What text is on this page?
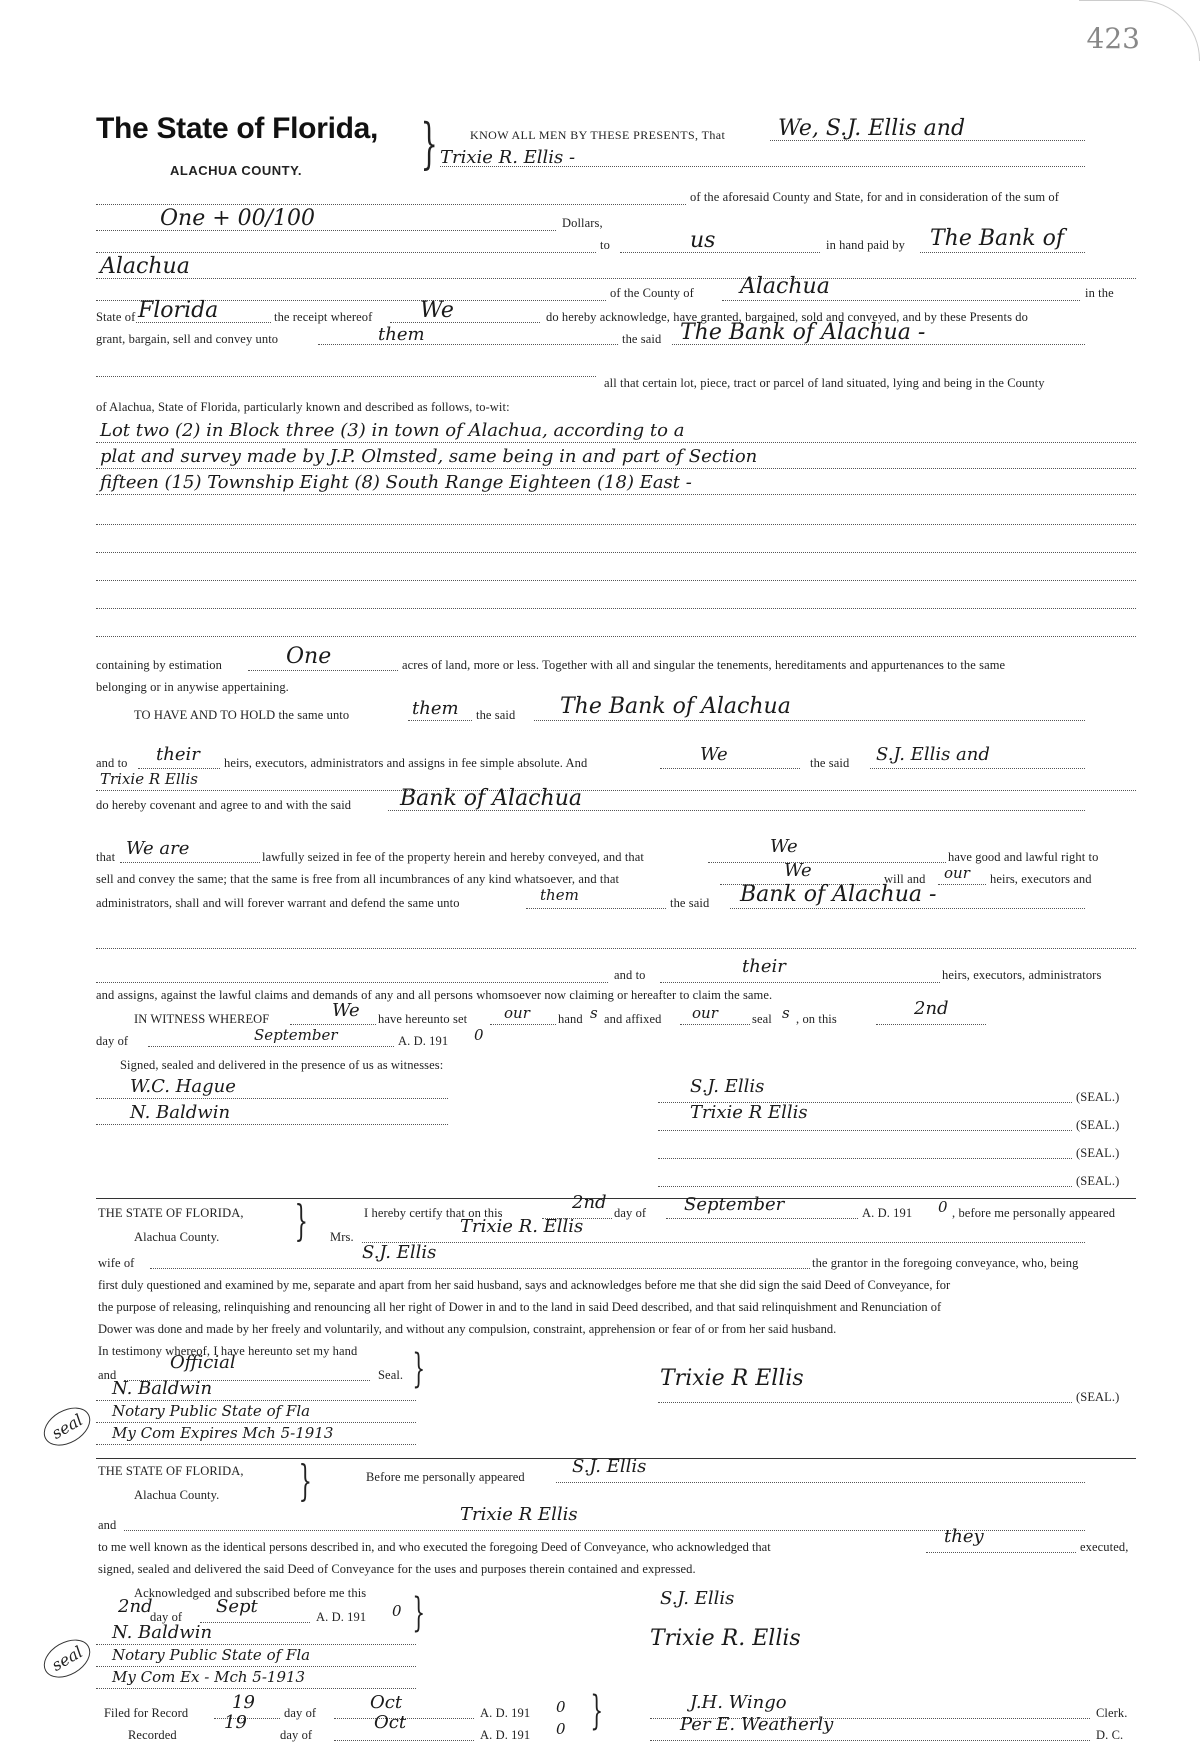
423
The State of Florida,
ALACHUA COUNTY. }	KNOW ALL MEN BY THESE PRESENTS, That We, S.J. Ellis and
Trixie R. Ellis -
of the aforesaid County and State, for and in consideration of the sum of
One + 00/100	Dollars,
to	us	in hand paid by The Bank of
Alachua
of the County of Alachua	in the
State of Florida	the receipt whereof We	do hereby acknowledge, have granted, bargained, sold and conveyed, and by these Presents do
grant, bargain, sell and convey unto	them	the said The Bank of Alachua -
all that certain lot, piece, tract or parcel of land situated, lying and being in the County
of Alachua, State of Florida, particularly known and described as follows, to-wit:
Lot two (2) in Block three (3) in town of Alachua, according to a
plat and survey made by J.P. Olmsted, same being in and part of Section
fifteen (15) Township Eight (8) South Range Eighteen (18) East -
containing by estimation	One	acres of land, more or less. Together with all and singular the tenements, hereditaments and appurtenances to the same
belonging or in anywise appertaining.
TO HAVE AND TO HOLD the same unto	them the said The Bank of Alachua
and to their heirs, executors, administrators and assigns in fee simple absolute. And	We	the said S.J. Ellis and
Trixie R Ellis
do hereby covenant and agree to and with the said Bank of Alachua
that We are	lawfully seized in fee of the property herein and hereby conveyed, and that	We	have good and lawful right to
sell and convey the same; that the same is free from all incumbrances of any kind whatsoever, and that	We	will and our heirs, executors and
administrators, shall and will forever warrant and defend the same unto	them	the said Bank of Alachua -
and to	their	heirs, executors, administrators
and assigns, against the lawful claims and demands of any and all persons whomsoever now claiming or hereafter to claim the same.
IN WITNESS WHEREOF	We have hereunto set our hand s and affixed our	seal s , on this	2nd
day of	September	A. D. 191 0
Signed, sealed and delivered in the presence of us as witnesses:
W.C. Hague
N. Baldwin
S.J. Ellis	(SEAL.)
Trixie R Ellis
(SEAL.)
(SEAL.)
(SEAL.)
THE STATE OF FLORIDA,
Alachua County. }	I hereby certify that on this	2nd day of September	A. D. 191 0 , before me personally appeared
Mrs.	Trixie R. Ellis
wife of	S.J. Ellis	the grantor in the foregoing conveyance, who, being
first duly questioned and examined by me, separate and apart from her said husband, says and acknowledges before me that she did sign the said Deed of Conveyance, for
the purpose of releasing, relinquishing and renouncing all her right of Dower in and to the land in said Deed described, and that said relinquishment and Renunciation of
Dower was done and made by her freely and voluntarily, and without any compulsion, constraint, apprehension or fear of or from her said husband.
In testimony whereof, I have hereunto set my hand
and
Official
Seal. }
N. Baldwin
Notary Public State of Fla
My Com Expires Mch 5-1913
seal
Trixie R Ellis
(SEAL.)
THE STATE OF FLORIDA,
Alachua County. }	Before me personally appeared	S.J. Ellis
and	Trixie R Ellis
to me well known as the identical persons described in, and who executed the foregoing Deed of Conveyance, who acknowledged that	they	executed,
signed, sealed and delivered the said Deed of Conveyance for the uses and purposes therein contained and expressed.
Acknowledged and subscribed before me this
2nd
day of Sept	A. D. 191 0 }
N. Baldwin
Notary Public State of Fla
My Com Ex - Mch 5-1913
seal
S.J. Ellis
Trixie R. Ellis
Filed for Record 19 day of	Oct	A. D. 191 0 }
Recorded
19
day of
Oct
A. D. 191 0
J.H. Wingo	Clerk.
Per E. Weatherly	D. C.
